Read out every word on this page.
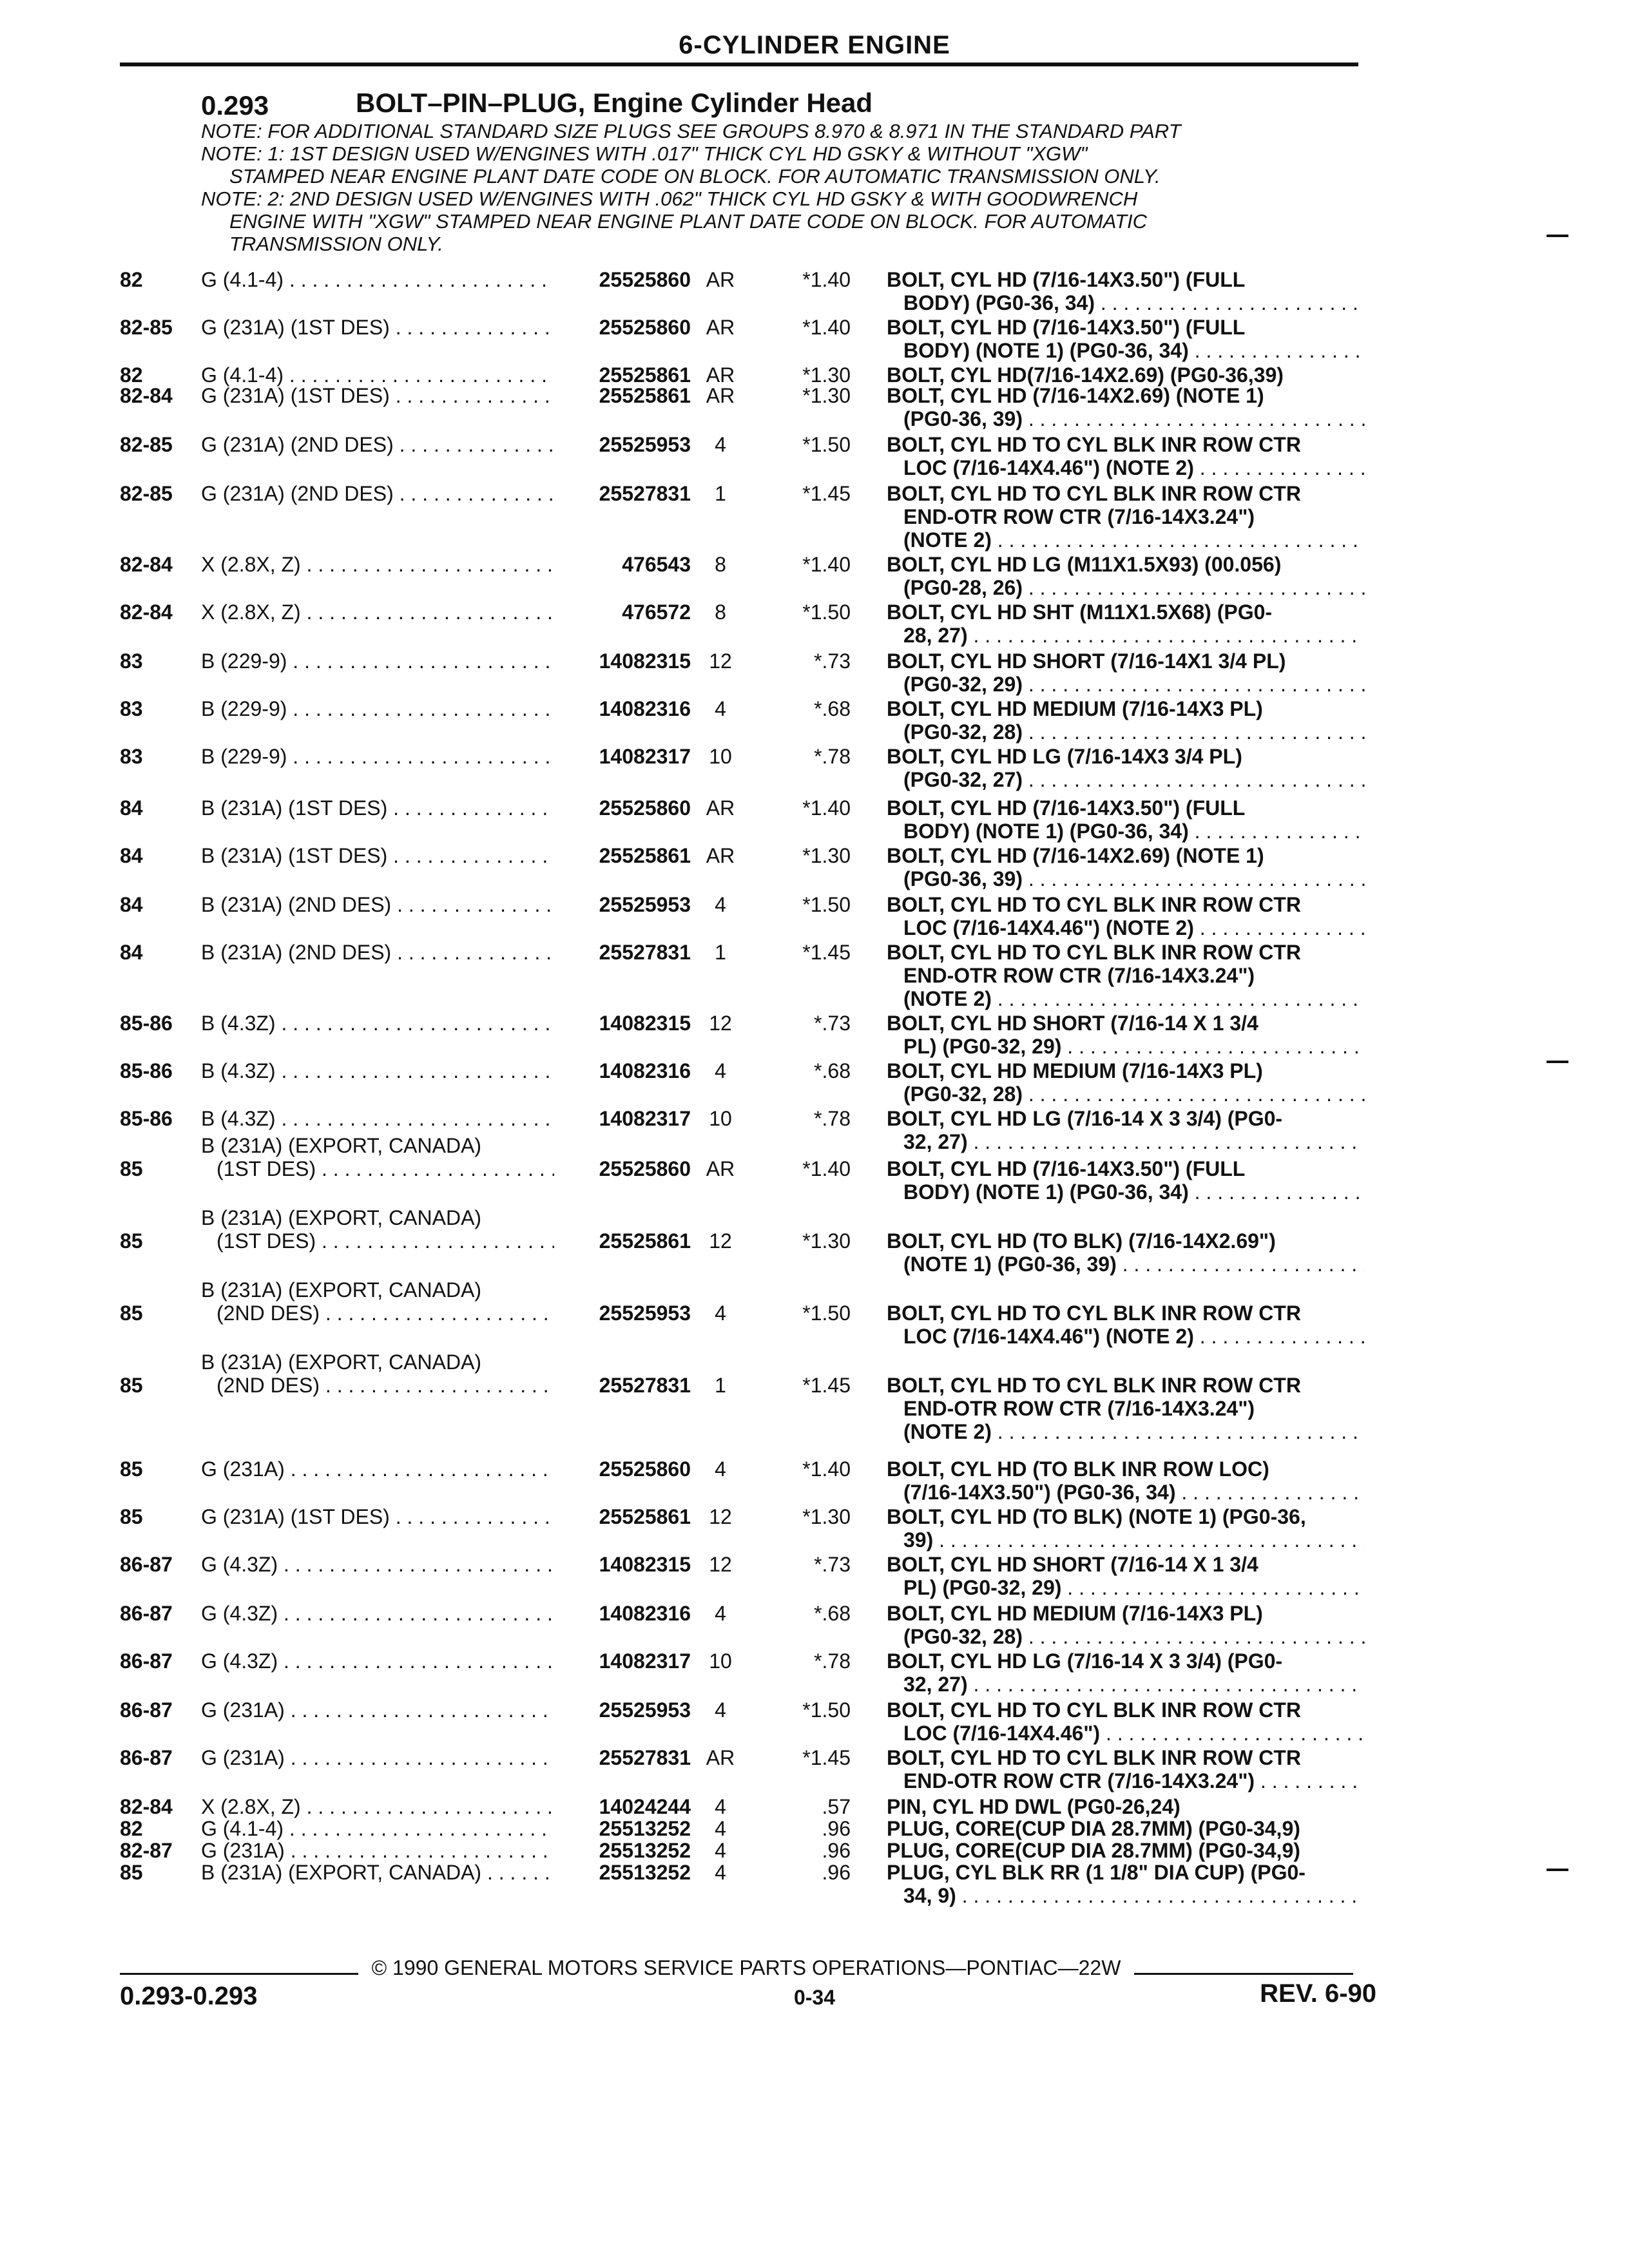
6-CYLINDER ENGINE
0.293	BOLT–PIN–PLUG, Engine Cylinder Head
NOTE: FOR ADDITIONAL STANDARD SIZE PLUGS SEE GROUPS 8.970 & 8.971 IN THE STANDARD PART
NOTE: 1: 1ST DESIGN USED W/ENGINES WITH .017" THICK CYL HD GSKY & WITHOUT "XGW"
STAMPED NEAR ENGINE PLANT DATE CODE ON BLOCK. FOR AUTOMATIC TRANSMISSION ONLY.
NOTE: 2: 2ND DESIGN USED W/ENGINES WITH .062" THICK CYL HD GSKY & WITH GOODWRENCH
ENGINE WITH "XGW" STAMPED NEAR ENGINE PLANT DATE CODE ON BLOCK. FOR AUTOMATIC
TRANSMISSION ONLY.
82	G (4.1-4) . . .	25525860 AR	*1.40 BOLT, CYL HD (7/16-14X3.50") (FULL
BODY) (PG0-36, 34) . . .
82-85 G (231A) (1ST DES) . . .	25525860 AR	*1.40 BOLT, CYL HD (7/16-14X3.50") (FULL
BODY) (NOTE 1) (PG0-36, 34) . . .
82	G (4.1-4) . . .	25525861 AR	*1.30 BOLT, CYL HD(7/16-14X2.69) (PG0-36,39)
82-84 G (231A) (1ST DES) . . .	25525861 AR	*1.30 BOLT, CYL HD (7/16-14X2.69) (NOTE 1)
(PG0-36, 39) . . .
82-85 G (231A) (2ND DES) . . .	25525953	4	*1.50 BOLT, CYL HD TO CYL BLK INR ROW CTR
LOC (7/16-14X4.46") (NOTE 2) . . .
82-85 G (231A) (2ND DES) . . .	25527831	1	*1.45 BOLT, CYL HD TO CYL BLK INR ROW CTR
END-OTR ROW CTR (7/16-14X3.24")
(NOTE 2) . . .
82-84 X (2.8X, Z) . . .	476543	8	*1.40 BOLT, CYL HD LG (M11X1.5X93) (00.056)
(PG0-28, 26) . . .
82-84 X (2.8X, Z) . . .	476572	8	*1.50 BOLT, CYL HD SHT (M11X1.5X68) (PG0-
28, 27) . . .
83	B (229-9) . . .	14082315 12	*.73 BOLT, CYL HD SHORT (7/16-14X1 3/4 PL)
(PG0-32, 29) . . .
83	B (229-9) . . .	14082316	4	*.68 BOLT, CYL HD MEDIUM (7/16-14X3 PL)
(PG0-32, 28) . . .
83	B (229-9) . . .	14082317 10	*.78 BOLT, CYL HD LG (7/16-14X3 3/4 PL)
(PG0-32, 27) . . .
84	B (231A) (1ST DES) . . .	25525860 AR	*1.40 BOLT, CYL HD (7/16-14X3.50") (FULL
BODY) (NOTE 1) (PG0-36, 34) . . .
84	B (231A) (1ST DES) . . .	25525861 AR	*1.30 BOLT, CYL HD (7/16-14X2.69) (NOTE 1)
(PG0-36, 39) . . .
84	B (231A) (2ND DES) . . .	25525953	4	*1.50 BOLT, CYL HD TO CYL BLK INR ROW CTR
LOC (7/16-14X4.46") (NOTE 2) . . .
84	B (231A) (2ND DES) . . .	25527831	1	*1.45 BOLT, CYL HD TO CYL BLK INR ROW CTR
END-OTR ROW CTR (7/16-14X3.24")
(NOTE 2) . . .
85-86 B (4.3Z) . . .	14082315 12	*.73 BOLT, CYL HD SHORT (7/16-14 X 1 3/4
PL) (PG0-32, 29) . . .
85-86 B (4.3Z) . . .	14082316	4	*.68 BOLT, CYL HD MEDIUM (7/16-14X3 PL)
(PG0-32, 28) . . .
85-86 B (4.3Z) . . .	14082317 10	*.78 BOLT, CYL HD LG (7/16-14 X 3 3/4) (PG0-
32, 27) . . .
85
B (231A) (EXPORT, CANADA)
(1ST DES) . . .	25525860 AR	*1.40 BOLT, CYL HD (7/16-14X3.50") (FULL
BODY) (NOTE 1) (PG0-36, 34) . . .
85
B (231A) (EXPORT, CANADA)
(1ST DES) . . .	25525861 12	*1.30 BOLT, CYL HD (TO BLK) (7/16-14X2.69")
(NOTE 1) (PG0-36, 39) . . .
85
B (231A) (EXPORT, CANADA)
(2ND DES) . . .	25525953	4	*1.50 BOLT, CYL HD TO CYL BLK INR ROW CTR
LOC (7/16-14X4.46") (NOTE 2) . . .
85
B (231A) (EXPORT, CANADA)
(2ND DES) . . .	25527831	1	*1.45 BOLT, CYL HD TO CYL BLK INR ROW CTR
END-OTR ROW CTR (7/16-14X3.24")
(NOTE 2) . . .
85	G (231A) . . .	25525860	4	*1.40 BOLT, CYL HD (TO BLK INR ROW LOC)
(7/16-14X3.50") (PG0-36, 34) . . .
85	G (231A) (1ST DES) . . .	25525861 12	*1.30 BOLT, CYL HD (TO BLK) (NOTE 1) (PG0-36,
39) . . .
86-87 G (4.3Z) . . .	14082315 12	*.73 BOLT, CYL HD SHORT (7/16-14 X 1 3/4
PL) (PG0-32, 29) . . .
86-87 G (4.3Z) . . .	14082316	4	*.68 BOLT, CYL HD MEDIUM (7/16-14X3 PL)
(PG0-32, 28) . . .
86-87 G (4.3Z) . . .	14082317 10	*.78 BOLT, CYL HD LG (7/16-14 X 3 3/4) (PG0-
32, 27) . . .
86-87 G (231A) . . .	25525953	4	*1.50 BOLT, CYL HD TO CYL BLK INR ROW CTR
LOC (7/16-14X4.46") . . .
86-87 G (231A) . . .	25527831 AR	*1.45 BOLT, CYL HD TO CYL BLK INR ROW CTR
END-OTR ROW CTR (7/16-14X3.24") . . .
82-84 X (2.8X, Z) . . .	14024244	4	.57 PIN, CYL HD DWL (PG0-26,24)
82	G (4.1-4) . . .	25513252	4	.96 PLUG, CORE(CUP DIA 28.7MM) (PG0-34,9)
82-87 G (231A) . . .	25513252	4	.96 PLUG, CORE(CUP DIA 28.7MM) (PG0-34,9)
85	B (231A) (EXPORT, CANADA) . . .	25513252	4	.96 PLUG, CYL BLK RR (1 1/8" DIA CUP) (PG0-
34, 9) . . .
© 1990 GENERAL MOTORS SERVICE PARTS OPERATIONS—PONTIAC—22W
0.293-0.293	0-34	REV. 6-90
